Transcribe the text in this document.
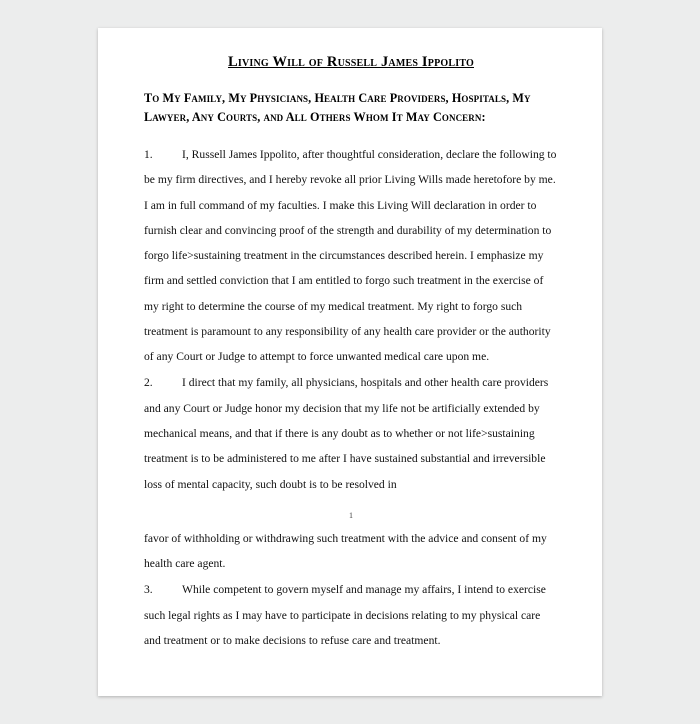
Living Will of Russell James Ippolito
To My Family, My Physicians, Health Care Providers, Hospitals, My Lawyer, Any Courts, and All Others Whom It May Concern:

1.	I, Russell James Ippolito, after thoughtful consideration, declare the following to be my firm directives, and I hereby revoke all prior Living Wills made heretofore by me. I am in full command of my faculties. I make this Living Will declaration in order to furnish clear and convincing proof of the strength and durability of my determination to forgo life>sustaining treatment in the circumstances described herein. I emphasize my firm and settled conviction that I am entitled to forgo such treatment in the exercise of my right to determine the course of my medical treatment. My right to forgo such treatment is paramount to any responsibility of any health care provider or the authority of any Court or Judge to attempt to force unwanted medical care upon me.

2.	I direct that my family, all physicians, hospitals and other health care providers and any Court or Judge honor my decision that my life not be artificially extended by mechanical means, and that if there is any doubt as to whether or not life>sustaining treatment is to be administered to me after I have sustained substantial and irreversible loss of mental capacity, such doubt is to be resolved in

1

favor of withholding or withdrawing such treatment with the advice and consent of my health care agent.

3.	While competent to govern myself and manage my affairs, I intend to exercise such legal rights as I may have to participate in decisions relating to my physical care and treatment or to make decisions to refuse care and treatment.
